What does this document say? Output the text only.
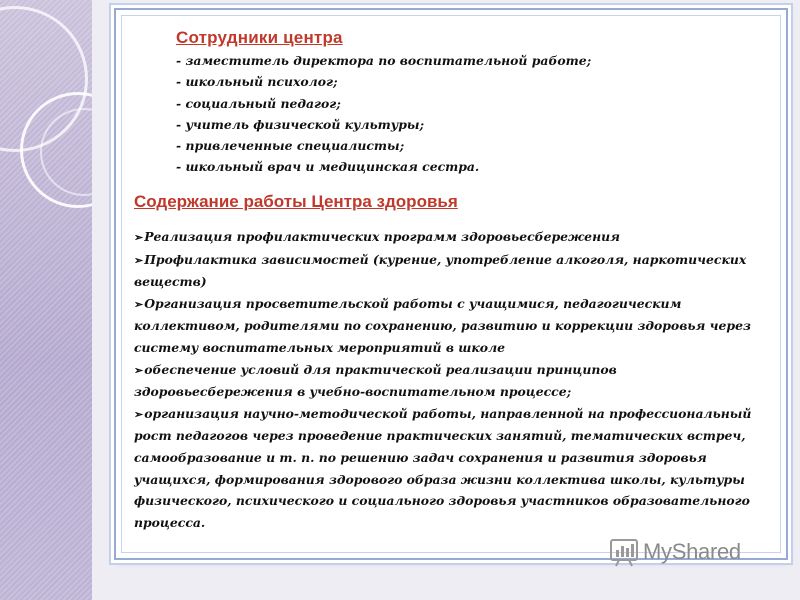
Сотрудники центра
- заместитель директора по воспитательной работе;
- школьный психолог;
- социальный педагог;
- учитель физической культуры;
- привлеченные специалисты;
- школьный врач и медицинская сестра.
Содержание работы Центра здоровья
➢Реализация профилактических программ здоровьесбережения
➢Профилактика зависимостей (курение, употребление алкоголя, наркотических веществ)
➢Организация просветительской работы с учащимися, педагогическим коллективом, родителями по сохранению, развитию и коррекции здоровья через систему воспитательных мероприятий в школе
➢обеспечение условий для практической реализации принципов здоровьесбережения в учебно-воспитательном процессе;
➢организация научно-методической работы, направленной на профессиональный рост педагогов через проведение практических занятий, тематических встреч, самообразование и т. п. по решению задач сохранения и развития здоровья учащихся, формирования здорового образа жизни коллектива школы, культуры физического, психического и социального здоровья участников образовательного процесса.
MyShared
